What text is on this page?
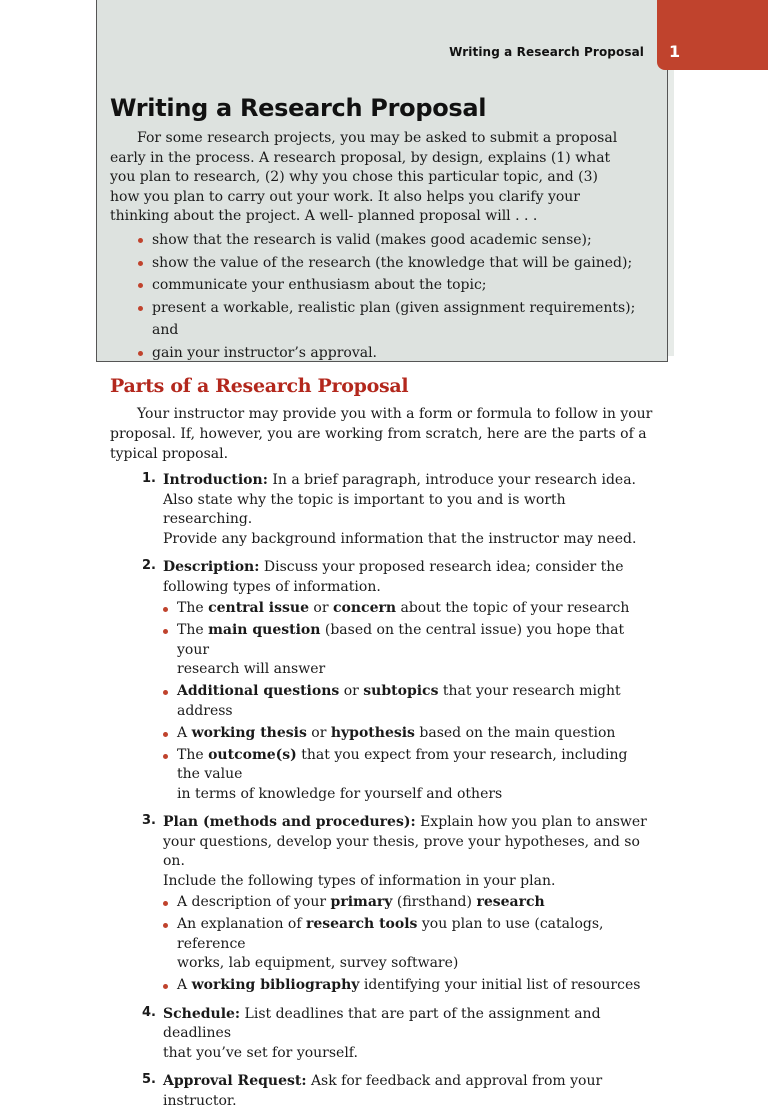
1
Writing a Research Proposal
Writing a Research Proposal

For some research projects, you may be asked to submit a proposal early in the process. A research proposal, by design, explains (1) what you plan to research, (2) why you chose this particular topic, and (3) how you plan to carry out your work. It also helps you clarify your thinking about the project. A well- planned proposal will . . .

show that the research is valid (makes good academic sense);
show the value of the research (the knowledge that will be gained);
communicate your enthusiasm about the topic;
present a workable, realistic plan (given assignment requirements); and
gain your instructor’s approval.
Parts of a Research Proposal

Your instructor may provide you with a form or formula to follow in your proposal. If, however, you are working from scratch, here are the parts of a typical proposal.

1. Introduction: In a brief paragraph, introduce your research idea.
Also state why the topic is important to you and is worth researching.
Provide any background information that the instructor may need.
2. Description: Discuss your proposed research idea; consider the
following types of information.
The central issue or concern about the topic of your research
The main question (based on the central issue) you hope that your
research will answer
Additional questions or subtopics that your research might address
A working thesis or hypothesis based on the main question
The outcome(s) that you expect from your research, including the value
in terms of knowledge for yourself and others
3. Plan (methods and procedures): Explain how you plan to answer
your questions, develop your thesis, prove your hypotheses, and so on.
Include the following types of information in your plan.
A description of your primary (firsthand) research
An explanation of research tools you plan to use (catalogs, reference
works, lab equipment, survey software)
A working bibliography identifying your initial list of resources
4. Schedule: List deadlines that are part of the assignment and deadlines
that you’ve set for yourself.
5. Approval Request: Ask for feedback and approval from your instructor.
